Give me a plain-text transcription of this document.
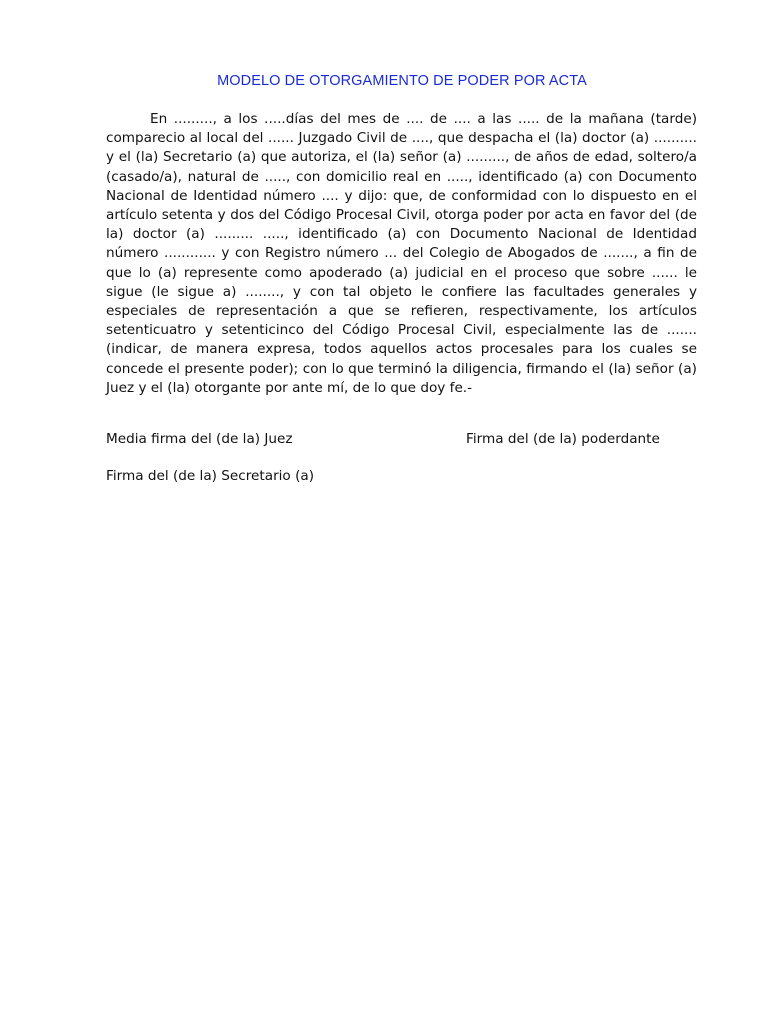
MODELO DE OTORGAMIENTO DE PODER POR ACTA

En ........., a los .....días del mes de .... de .... a las ..... de la mañana (tarde) comparecio al local del ...... Juzgado Civil de ...., que despacha el (la) doctor (a) .......... y el (la) Secretario (a) que autoriza, el (la) señor (a) ........., de años de edad, soltero/a (casado/a), natural de ....., con domicilio real en ....., identificado (a) con Documento Nacional de Identidad número .... y dijo: que, de conformidad con lo dispuesto en el artículo setenta y dos del Código Procesal Civil, otorga poder por acta en favor del (de la) doctor (a) ......... ....., identificado (a) con Documento Nacional de Identidad número ............ y con Registro número ... del Colegio de Abogados de ......., a fin de que lo (a) represente como apoderado (a) judicial en el proceso que sobre ...... le sigue (le sigue a) ........, y con tal objeto le confiere las facultades generales y especiales de representación a que se refieren, respectivamente, los artículos setenticuatro y setenticinco del Código Procesal Civil, especialmente las de ....... (indicar, de manera expresa, todos aquellos actos procesales para los cuales se concede el presente poder); con lo que terminó la diligencia, firmando el (la) señor (a) Juez y el (la) otorgante por ante mí, de lo que doy fe.-

Media firma del (de la) Juez	Firma del (de la) poderdante
Firma del (de la) Secretario (a)
